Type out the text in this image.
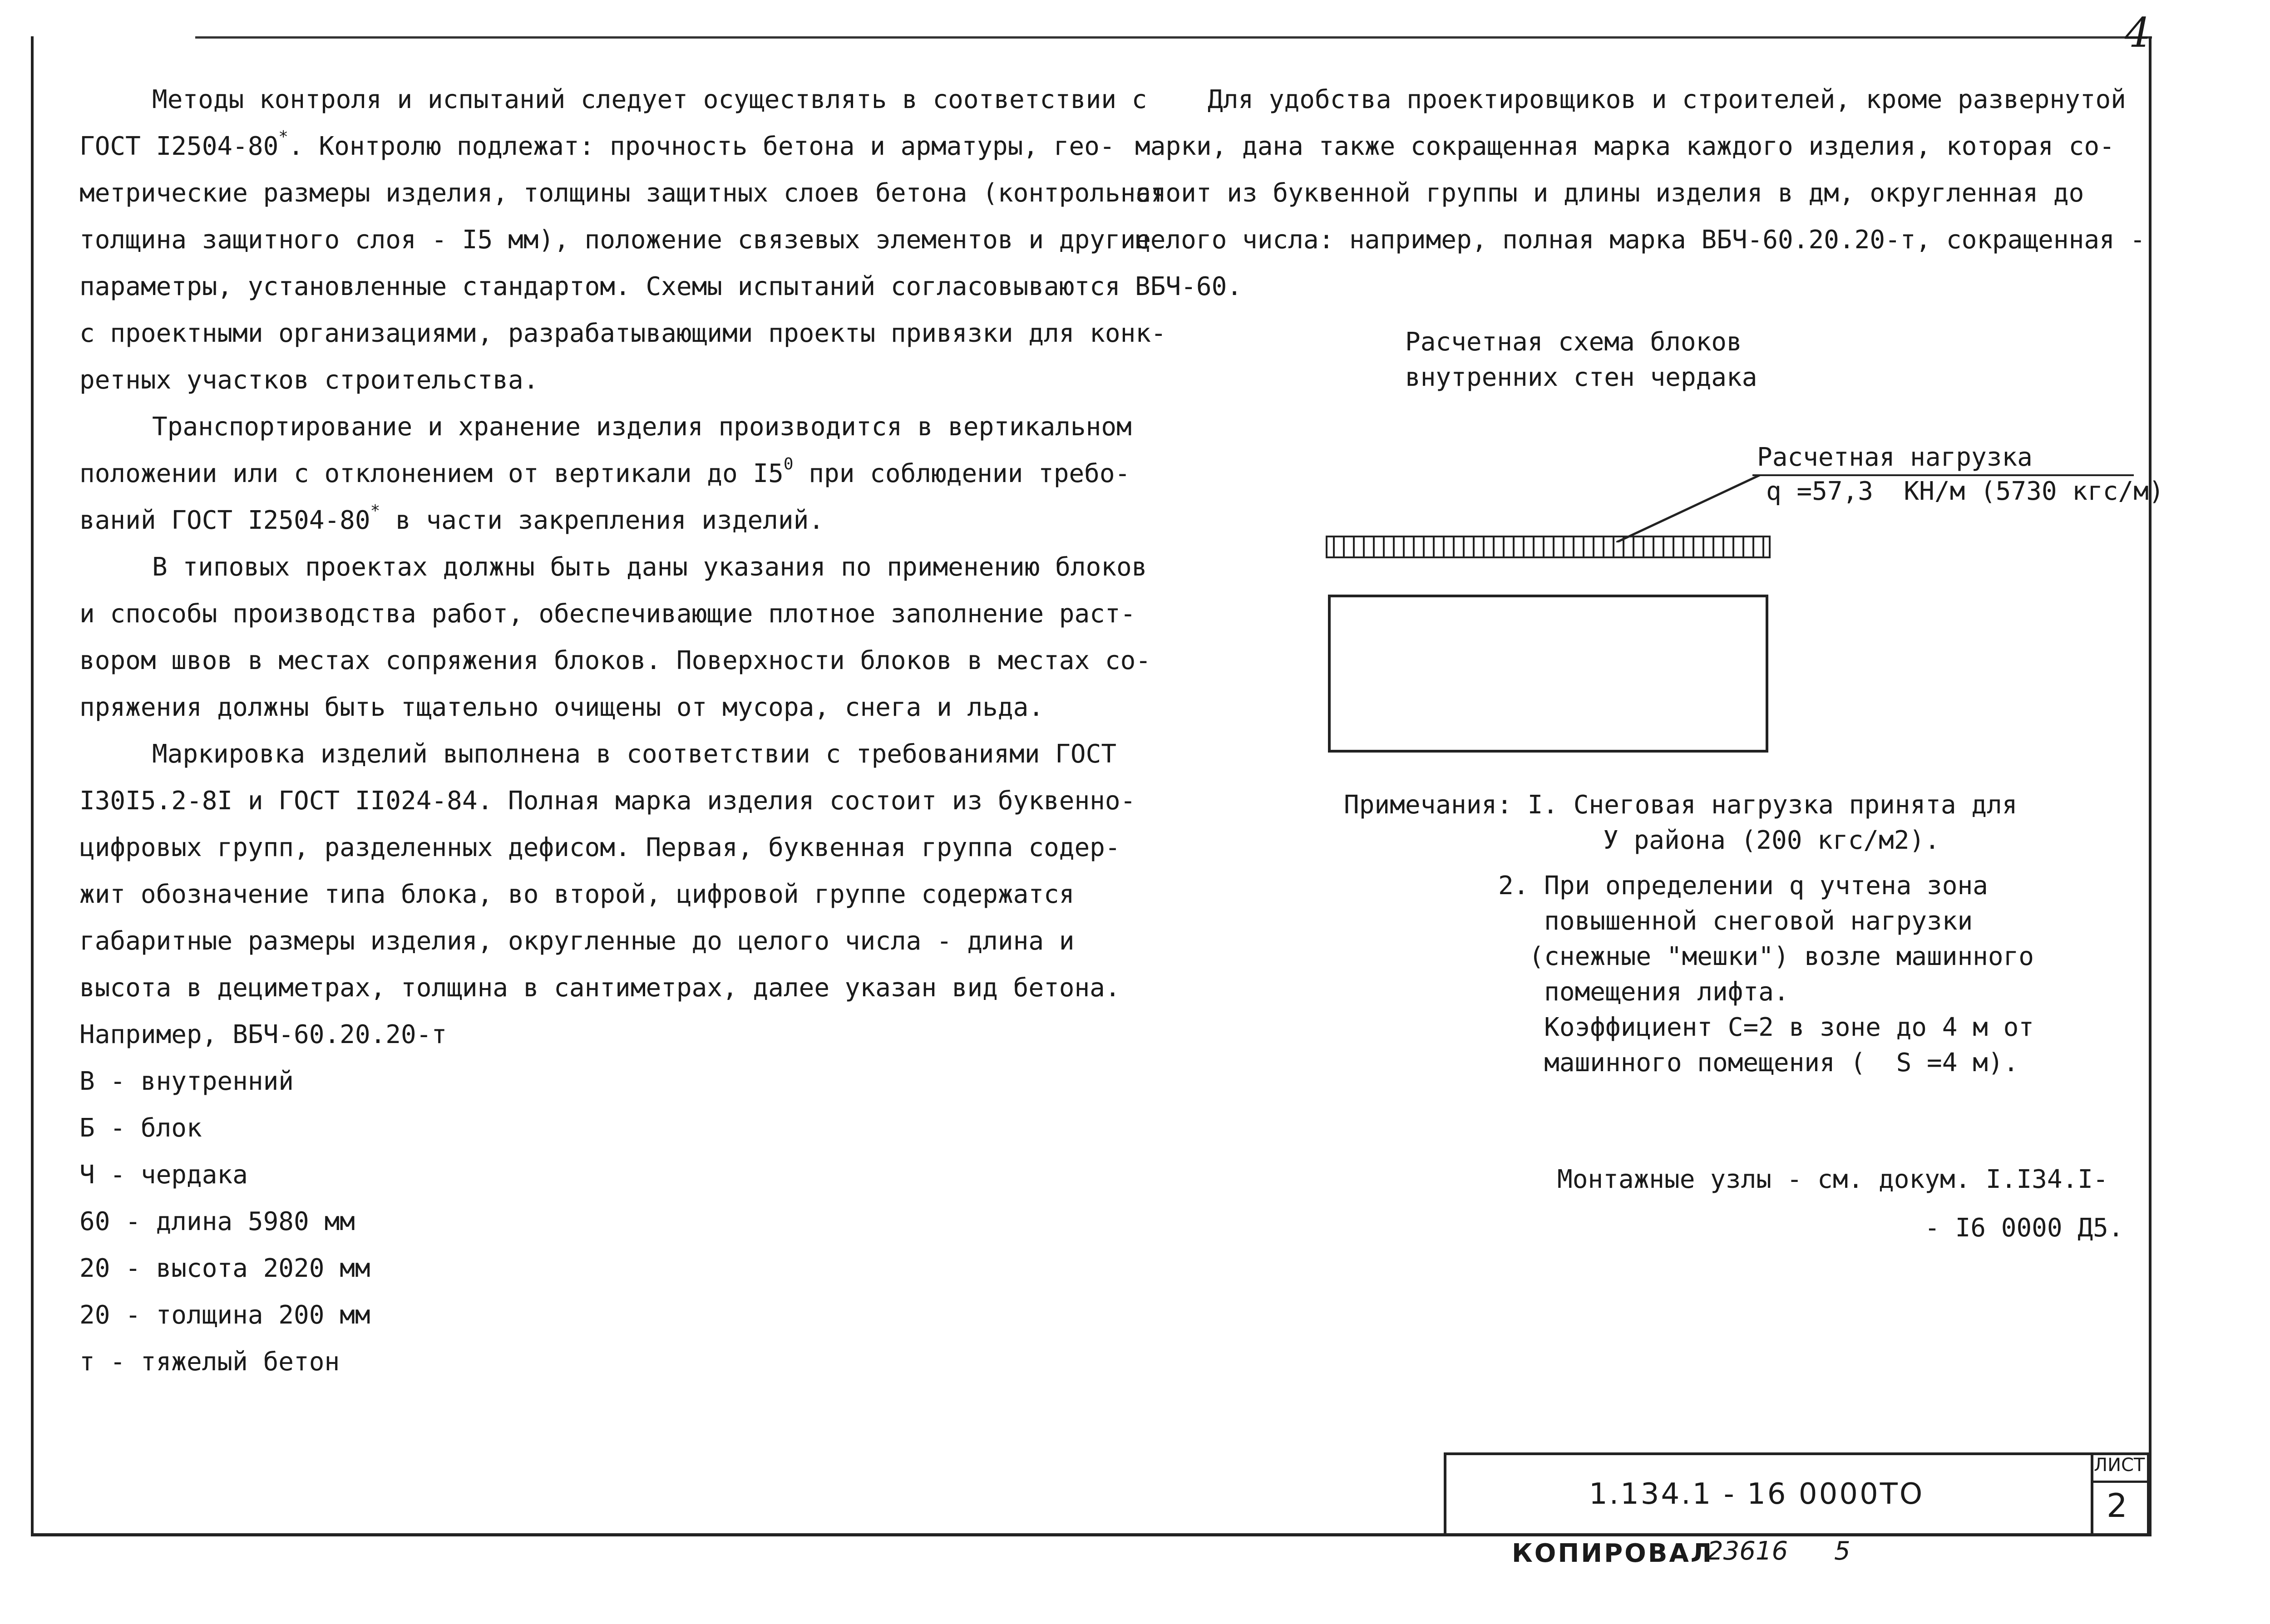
4
Методы контроля и испытаний следует осуществлять в соответствии с
ГОСТ I2504-80*. Контролю подлежат: прочность бетона и арматуры, гео-
метрические размеры изделия, толщины защитных слоев бетона (контрольная
толщина защитного слоя - I5 мм), положение связевых элементов и другие
параметры, установленные стандартом. Схемы испытаний согласовываются
с проектными организациями, разрабатывающими проекты привязки для конк-
ретных участков строительства.
Транспортирование и хранение изделия производится в вертикальном
положении или с отклонением от вертикали до $I5^0$ при соблюдении требо-
ваний ГОСТ I2504-80* в части закрепления изделий.
В типовых проектах должны быть даны указания по применению блоков
и способы производства работ, обеспечивающие плотное заполнение раст-
вором швов в местах сопряжения блоков. Поверхности блоков в местах со-
пряжения должны быть тщательно очищены от мусора, снега и льда.
Маркировка изделий выполнена в соответствии с требованиями ГОСТ
I30I5.2-8I и ГОСТ II024-84. Полная марка изделия состоит из буквенно-
цифровых групп, разделенных дефисом. Первая, буквенная группа содер-
жит обозначение типа блока, во второй, цифровой группе содержатся
габаритные размеры изделия, округленные до целого числа - длина и
высота в дециметрах, толщина в сантиметрах, далее указан вид бетона.
Например, ВБЧ-60.20.20-т
В - внутренний
Б - блок
Ч - чердака
60 - длина 5980 мм
20 - высота 2020 мм
20 - толщина 200 мм
т - тяжелый бетон
Для удобства проектировщиков и строителей, кроме развернутой
марки, дана также сокращенная марка каждого изделия, которая со-
стоит из буквенной группы и длины изделия в дм, округленная до
целого числа: например, полная марка ВБЧ-60.20.20-т, сокращенная -
ВБЧ-60.
Расчетная схема блоков
внутренних стен чердака
Расчетная нагрузка
q =57,3  КН/м (5730 кгс/м)
Примечания: I. Снеговая нагрузка принята для
У района (200 кгс/м2).
2. При определении q учтена зона
повышенной снеговой нагрузки
(снежные "мешки") возле машинного
помещения лифта.
Коэффициент С=2 в зоне до 4 м от
машинного помещения (  S =4 м).
Монтажные узлы - см. докум. I.I34.I-
- I6 0000 Д5.
1.134.1 - 16 0000ТО
ЛИСТ
2
КОПИРОВАЛ
23616 5
